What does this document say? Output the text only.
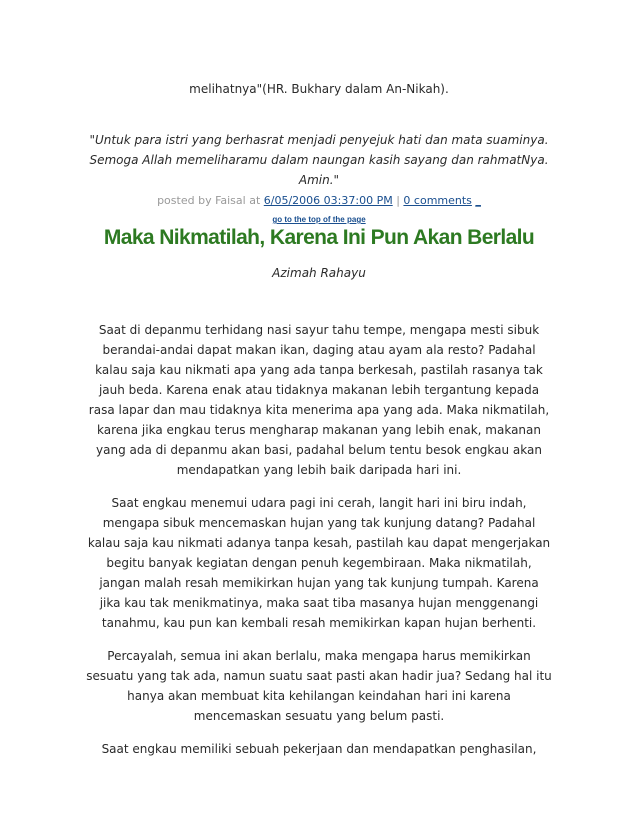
melihatnya"(HR. Bukhary dalam An-Nikah).
"Untuk para istri yang berhasrat menjadi penyejuk hati dan mata suaminya.
Semoga Allah memeliharamu dalam naungan kasih sayang dan rahmatNya.
Amin."
posted by Faisal at 6/05/2006 03:37:00 PM | 0 comments _
go to the top of the page
Maka Nikmatilah, Karena Ini Pun Akan Berlalu
Azimah Rahayu
Saat di depanmu terhidang nasi sayur tahu tempe, mengapa mesti sibuk
berandai-andai dapat makan ikan, daging atau ayam ala resto? Padahal
kalau saja kau nikmati apa yang ada tanpa berkesah, pastilah rasanya tak
jauh beda. Karena enak atau tidaknya makanan lebih tergantung kepada
rasa lapar dan mau tidaknya kita menerima apa yang ada. Maka nikmatilah,
karena jika engkau terus mengharap makanan yang lebih enak, makanan
yang ada di depanmu akan basi, padahal belum tentu besok engkau akan
mendapatkan yang lebih baik daripada hari ini.
Saat engkau menemui udara pagi ini cerah, langit hari ini biru indah,
mengapa sibuk mencemaskan hujan yang tak kunjung datang? Padahal
kalau saja kau nikmati adanya tanpa kesah, pastilah kau dapat mengerjakan
begitu banyak kegiatan dengan penuh kegembiraan. Maka nikmatilah,
jangan malah resah memikirkan hujan yang tak kunjung tumpah. Karena
jika kau tak menikmatinya, maka saat tiba masanya hujan menggenangi
tanahmu, kau pun kan kembali resah memikirkan kapan hujan berhenti.
Percayalah, semua ini akan berlalu, maka mengapa harus memikirkan
sesuatu yang tak ada, namun suatu saat pasti akan hadir jua? Sedang hal itu
hanya akan membuat kita kehilangan keindahan hari ini karena
mencemaskan sesuatu yang belum pasti.
Saat engkau memiliki sebuah pekerjaan dan mendapatkan penghasilan,
